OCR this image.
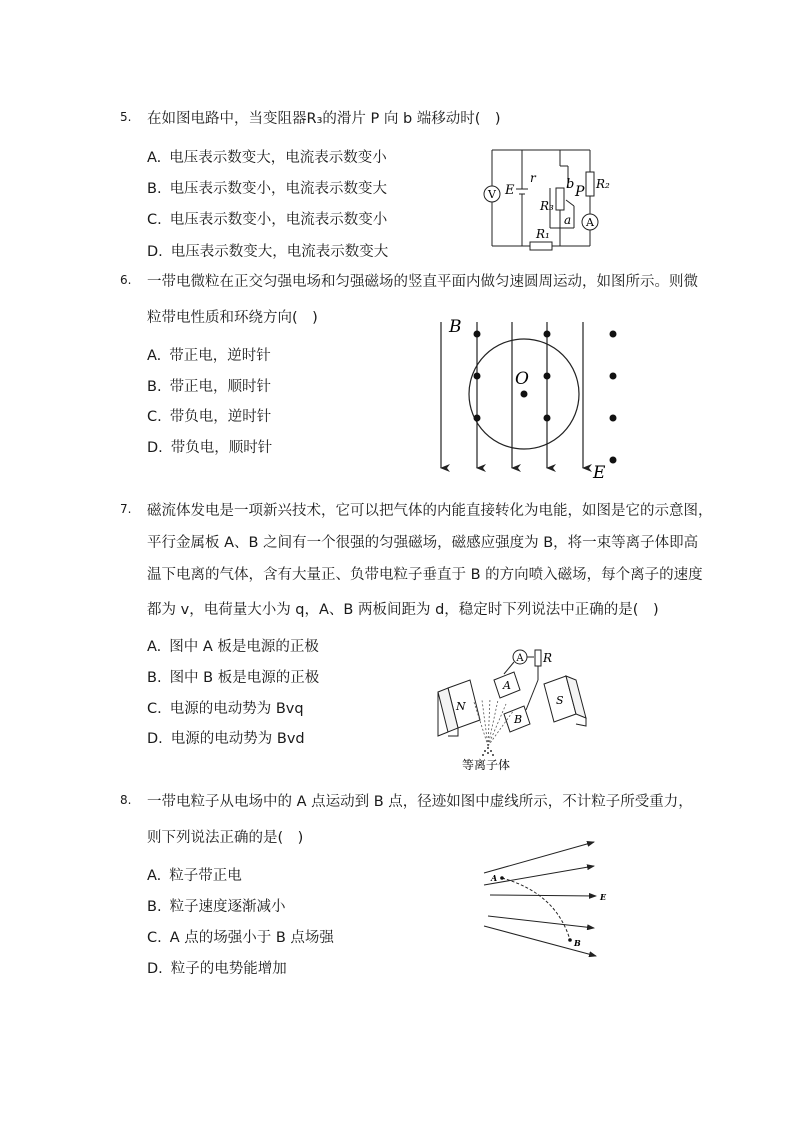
5. 在如图电路中，当变阻器R₃的滑片 P 向 b 端移动时(　)
A. 电压表示数变大，电流表示数变小
B. 电压表示数变小，电流表示数变大
C. 电压表示数变小，电流表示数变小
D. 电压表示数变大，电流表示数变大
V
A
E
r b P R₂
R₃
a
R₁
6. 一带电微粒在正交匀强电场和匀强磁场的竖直平面内做匀速圆周运动，如图所示。则微
粒带电性质和环绕方向(　)
A. 带正电，逆时针
B. 带正电，顺时针
C. 带负电，逆时针
D. 带负电，顺时针
B
O
E
7. 磁流体发电是一项新兴技术，它可以把气体的内能直接转化为电能，如图是它的示意图，
平行金属板 A、B 之间有一个很强的匀强磁场，磁感应强度为 B，将一束等离子体即高
温下电离的气体，含有大量正、负带电粒子垂直于 B 的方向喷入磁场，每个离子的速度
都为 v，电荷量大小为 q，A、B 两板间距为 d，稳定时下列说法中正确的是(　)
A. 图中 A 板是电源的正极
B. 图中 B 板是电源的正极
C. 电源的电动势为 Bvq
D. 电源的电动势为 Bvd
A R
A
B
N	S
等离子体
8. 一带电粒子从电场中的 A 点运动到 B 点，径迹如图中虚线所示，不计粒子所受重力，
则下列说法正确的是(　)
A. 粒子带正电
B. 粒子速度逐渐减小
C. A 点的场强小于 B 点场强
D. 粒子的电势能增加
A
B
E
